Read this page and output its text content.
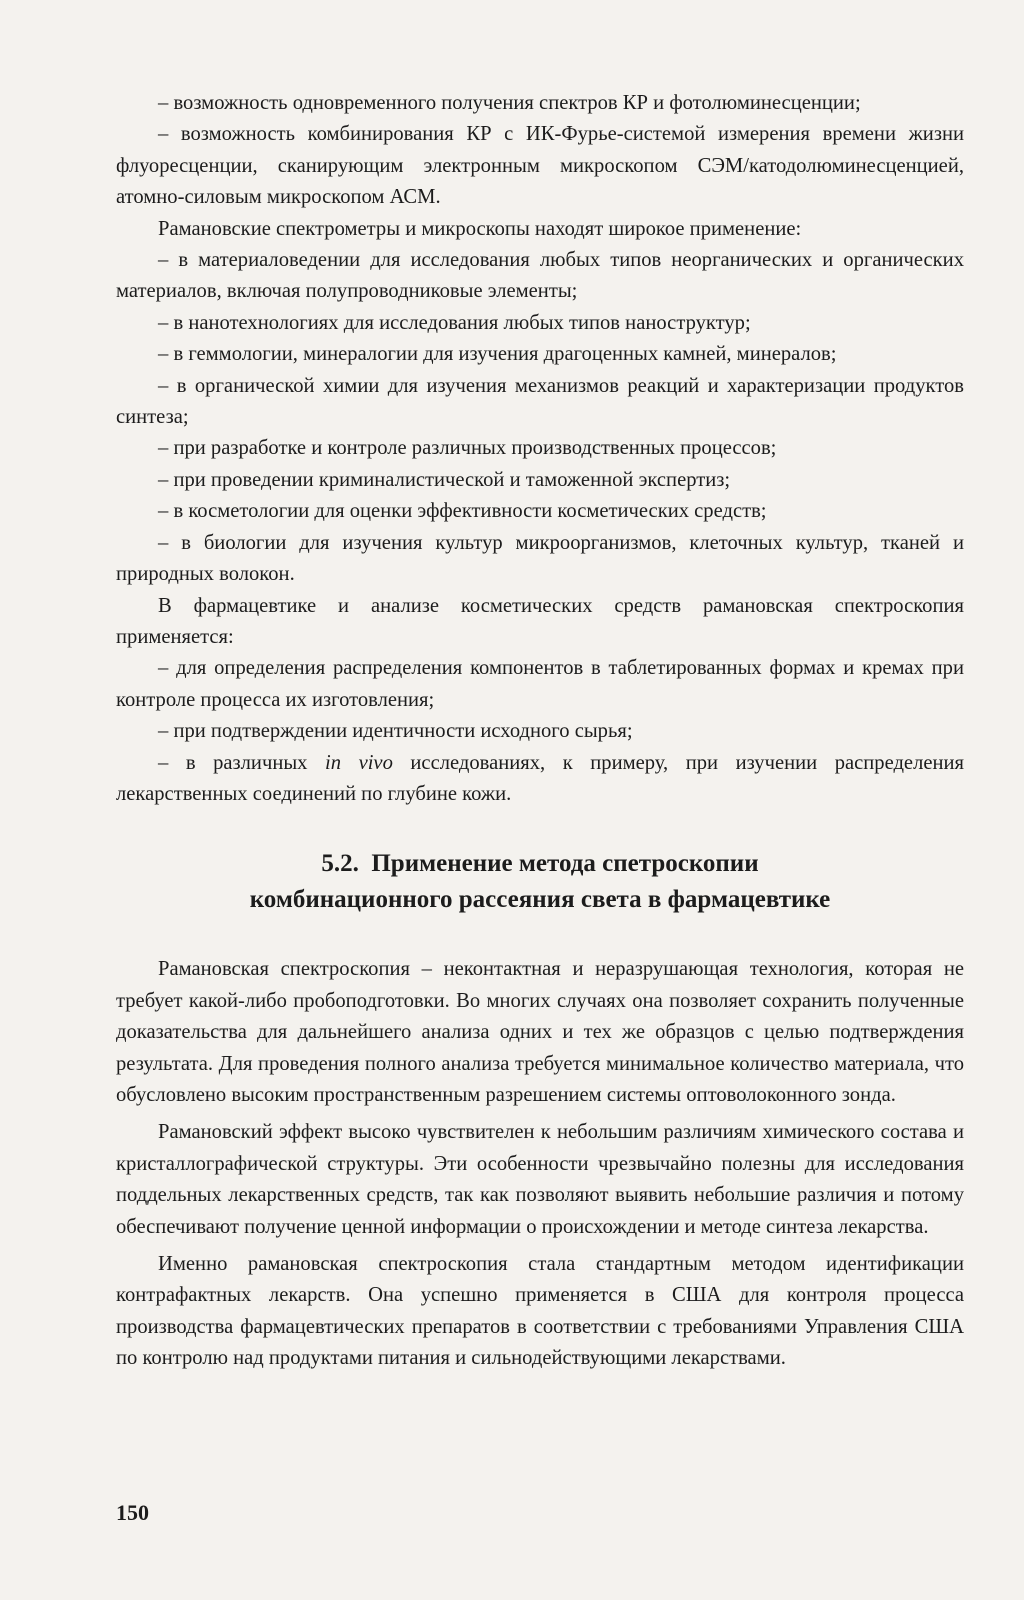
– возможность одновременного получения спектров КР и фотолюминесценции;

– возможность комбинирования КР с ИК-Фурье-системой измерения времени жизни флуоресценции, сканирующим электронным микроскопом СЭМ/катодолюминесценцией, атомно-силовым микроскопом АСМ.

Рамановские спектрометры и микроскопы находят широкое применение:

– в материаловедении для исследования любых типов неорганических и органических материалов, включая полупроводниковые элементы;

– в нанотехнологиях для исследования любых типов наноструктур;

– в геммологии, минералогии для изучения драгоценных камней, минералов;

– в органической химии для изучения механизмов реакций и характеризации продуктов синтеза;

– при разработке и контроле различных производственных процессов;

– при проведении криминалистической и таможенной экспертиз;

– в косметологии для оценки эффективности косметических средств;

– в биологии для изучения культур микроорганизмов, клеточных культур, тканей и природных волокон.

В фармацевтике и анализе косметических средств рамановская спектроскопия применяется:

– для определения распределения компонентов в таблетированных формах и кремах при контроле процесса их изготовления;

– при подтверждении идентичности исходного сырья;

– в различных in vivo исследованиях, к примеру, при изучении распределения лекарственных соединений по глубине кожи.

5.2. Применение метода спетроскопии
комбинационного рассеяния света в фармацевтике

Рамановская спектроскопия – неконтактная и неразрушающая технология, которая не требует какой-либо пробоподготовки. Во многих случаях она позволяет сохранить полученные доказательства для дальнейшего анализа одних и тех же образцов с целью подтверждения результата. Для проведения полного анализа требуется минимальное количество материала, что обусловлено высоким пространственным разрешением системы оптоволоконного зонда.

Рамановский эффект высоко чувствителен к небольшим различиям химического состава и кристаллографической структуры. Эти особенности чрезвычайно полезны для исследования поддельных лекарственных средств, так как позволяют выявить небольшие различия и потому обеспечивают получение ценной информации о происхождении и методе синтеза лекарства.

Именно рамановская спектроскопия стала стандартным методом идентификации контрафактных лекарств. Она успешно применяется в США для контроля процесса производства фармацевтических препаратов в соответствии с требованиями Управления США по контролю над продуктами питания и сильнодействующими лекарствами.

150
